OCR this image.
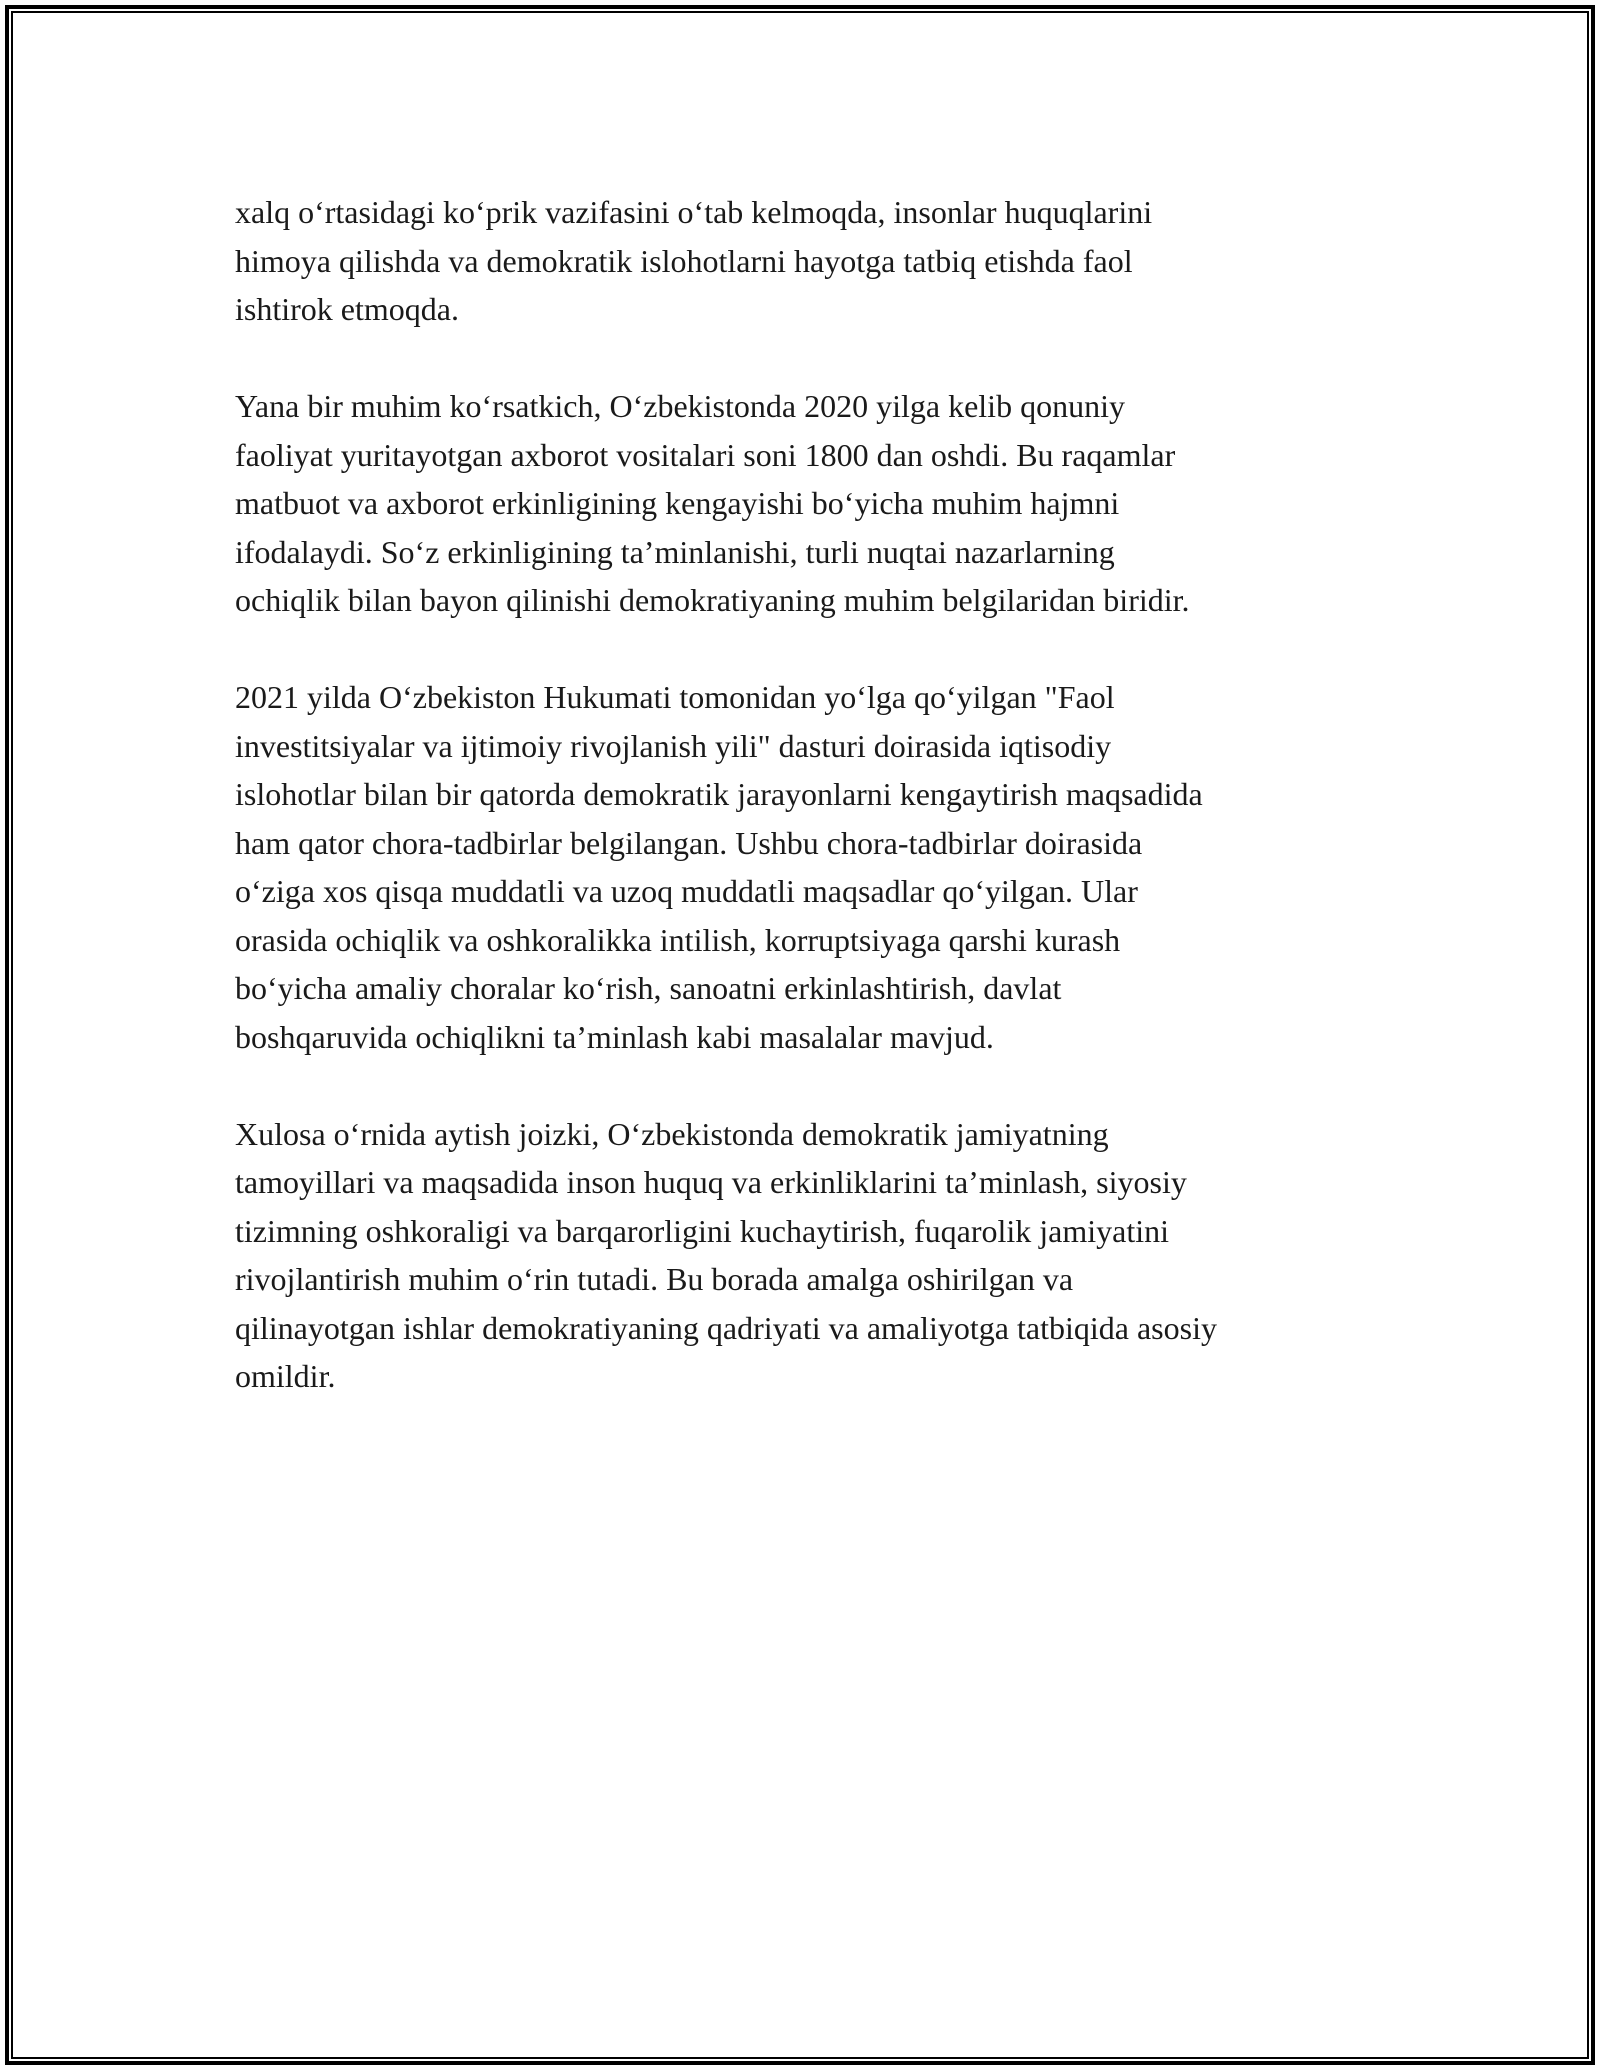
xalq o‘rtasidagi ko‘prik vazifasini o‘tab kelmoqda, insonlar huquqlarini
himoya qilishda va demokratik islohotlarni hayotga tatbiq etishda faol
ishtirok etmoqda.

Yana bir muhim ko‘rsatkich, O‘zbekistonda 2020 yilga kelib qonuniy
faoliyat yuritayotgan axborot vositalari soni 1800 dan oshdi. Bu raqamlar
matbuot va axborot erkinligining kengayishi bo‘yicha muhim hajmni
ifodalaydi. So‘z erkinligining ta’minlanishi, turli nuqtai nazarlarning
ochiqlik bilan bayon qilinishi demokratiyaning muhim belgilaridan biridir.

2021 yilda O‘zbekiston Hukumati tomonidan yo‘lga qo‘yilgan "Faol
investitsiyalar va ijtimoiy rivojlanish yili" dasturi doirasida iqtisodiy
islohotlar bilan bir qatorda demokratik jarayonlarni kengaytirish maqsadida
ham qator chora-tadbirlar belgilangan. Ushbu chora-tadbirlar doirasida
o‘ziga xos qisqa muddatli va uzoq muddatli maqsadlar qo‘yilgan. Ular
orasida ochiqlik va oshkoralikka intilish, korruptsiyaga qarshi kurash
bo‘yicha amaliy choralar ko‘rish, sanoatni erkinlashtirish, davlat
boshqaruvida ochiqlikni ta’minlash kabi masalalar mavjud.

Xulosa o‘rnida aytish joizki, O‘zbekistonda demokratik jamiyatning
tamoyillari va maqsadida inson huquq va erkinliklarini ta’minlash, siyosiy
tizimning oshkoraligi va barqarorligini kuchaytirish, fuqarolik jamiyatini
rivojlantirish muhim o‘rin tutadi. Bu borada amalga oshirilgan va
qilinayotgan ishlar demokratiyaning qadriyati va amaliyotga tatbiqida asosiy
omildir.
